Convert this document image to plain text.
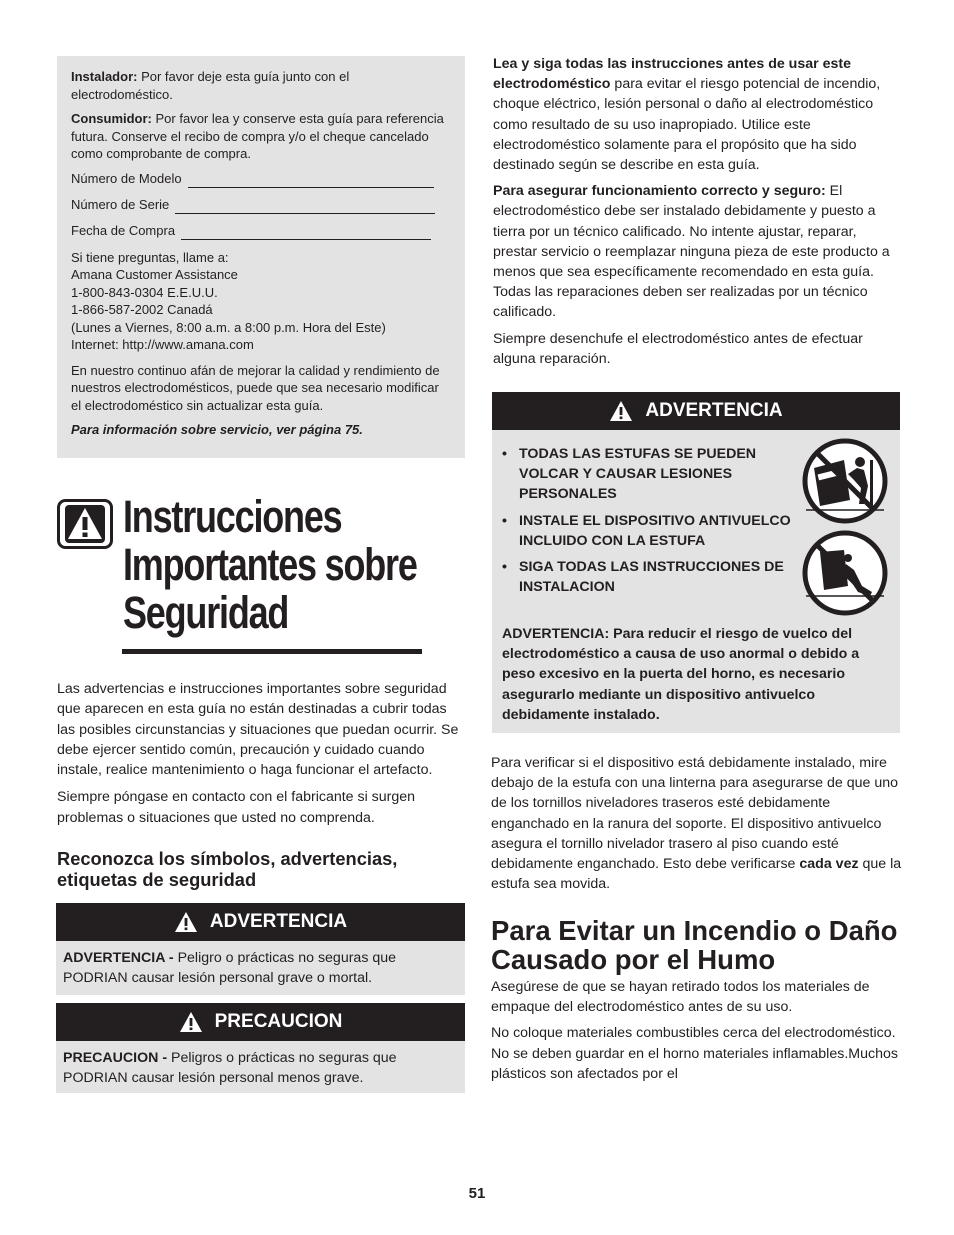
Instalador: Por favor deje esta guía junto con el electrodoméstico.

Consumidor: Por favor lea y conserve esta guía para referencia futura. Conserve el recibo de compra y/o el cheque cancelado como comprobante de compra.

Número de Modelo
Número de Serie
Fecha de Compra
Si tiene preguntas, llame a:
Amana Customer Assistance
1-800-843-0304 E.E.U.U.
1-866-587-2002 Canadá
(Lunes a Viernes, 8:00 a.m. a 8:00 p.m. Hora del Este)
Internet: http://www.amana.com

En nuestro continuo afán de mejorar la calidad y rendimiento de nuestros electrodomésticos, puede que sea necesario modificar el electrodoméstico sin actualizar esta guía.

Para información sobre servicio, ver página 75.

Instrucciones
Importantes sobre
Seguridad

Las advertencias e instrucciones importantes sobre seguridad que aparecen en esta guía no están destinadas a cubrir todas las posibles circunstancias y situaciones que puedan ocurrir. Se debe ejercer sentido común, precaución y cuidado cuando instale, realice mantenimiento o haga funcionar el artefacto.

Siempre póngase en contacto con el fabricante si surgen problemas o situaciones que usted no comprenda.

Reconozca los símbolos, advertencias, etiquetas de seguridad
ADVERTENCIA

ADVERTENCIA - Peligro o prácticas no seguras que PODRIAN causar lesión personal grave o mortal.

PRECAUCION

PRECAUCION - Peligros o prácticas no seguras que PODRIAN causar lesión personal menos grave.

Lea y siga todas las instrucciones antes de usar este electrodoméstico para evitar el riesgo potencial de incendio, choque eléctrico, lesión personal o daño al electrodoméstico como resultado de su uso inapropiado. Utilice este electrodoméstico solamente para el propósito que ha sido destinado según se describe en esta guía.

Para asegurar funcionamiento correcto y seguro: El electrodoméstico debe ser instalado debidamente y puesto a tierra por un técnico calificado. No intente ajustar, reparar, prestar servicio o reemplazar ninguna pieza de este producto a menos que sea específicamente recomendado en esta guía. Todas las reparaciones deben ser realizadas por un técnico calificado.

Siempre desenchufe el electrodoméstico antes de efectuar alguna reparación.

ADVERTENCIA
• TODAS LAS ESTUFAS SE PUEDEN VOLCAR Y CAUSAR LESIONES PERSONALES
• INSTALE EL DISPOSITIVO ANTIVUELCO INCLUIDO CON LA ESTUFA
• SIGA TODAS LAS INSTRUCCIONES DE INSTALACION

ADVERTENCIA: Para reducir el riesgo de vuelco del electrodoméstico a causa de uso anormal o debido a peso excesivo en la puerta del horno, es necesario asegurarlo mediante un dispositivo antivuelco debidamente instalado.

Para verificar si el dispositivo está debidamente instalado, mire debajo de la estufa con una linterna para asegurarse de que uno de los tornillos niveladores traseros esté debidamente enganchado en la ranura del soporte. El dispositivo antivuelco asegura el tornillo nivelador trasero al piso cuando esté debidamente enganchado. Esto debe verificarse cada vez que la estufa sea movida.

Para Evitar un Incendio o Daño Causado por el Humo

Asegúrese de que se hayan retirado todos los materiales de empaque del electrodoméstico antes de su uso.

No coloque materiales combustibles cerca del electrodoméstico. No se deben guardar en el horno materiales inflamables.Muchos plásticos son afectados por el

51
